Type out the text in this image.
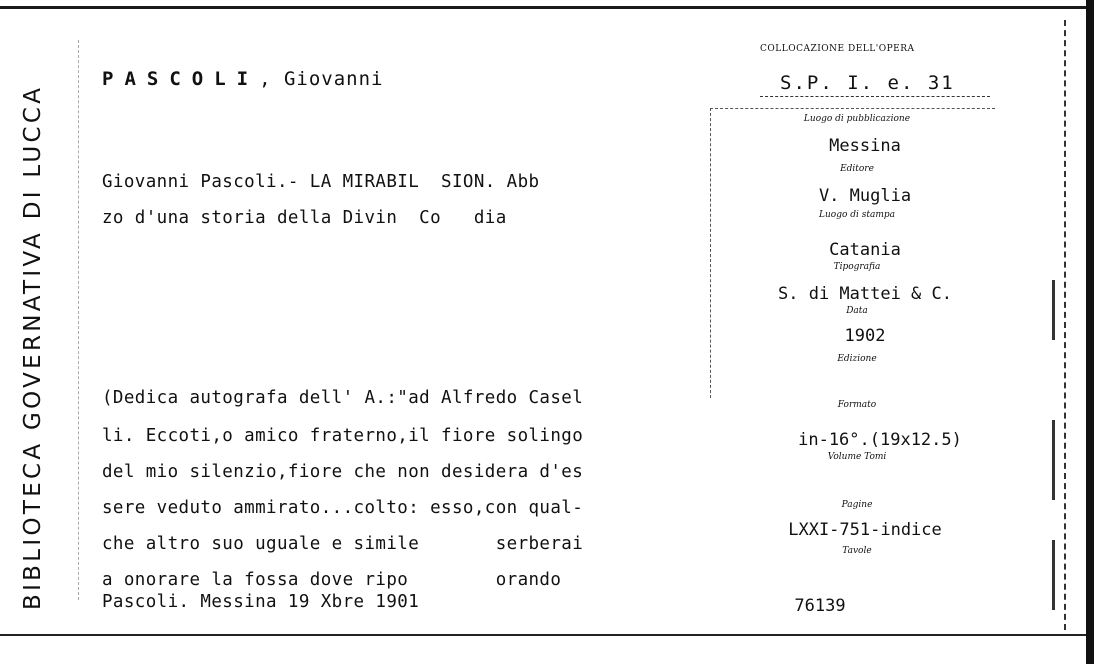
BIBLIOTECA GOVERNATIVA DI LUCCA
PASCOLI, Giovanni
Giovanni Pascoli.- LA MIRABIL  SION. Abb
zo d'una storia della Divin  Co   dia
(Dedica autografa dell' A.:"ad Alfredo Casel
li. Eccoti,o amico fraterno,il fiore solingo
del mio silenzio,fiore che non desidera d'es
sere veduto ammirato...colto: esso,con qual-
che altro suo uguale e simile       serberai
a onorare la fossa dove ripo        orando
Pascoli. Messina 19 Xbre 1901
COLLOCAZIONE DELL'OPERA
S.P. I. e. 31
Luogo di pubblicazione
Messina
Editore
V. Muglia
Luogo di stampa
Catania
Tipografia
S. di Mattei & C.
Data
1902
Edizione
Formato
in-16°.(19x12.5)
Volume Tomi
Pagine
LXXI-751-indice
Tavole
76139
